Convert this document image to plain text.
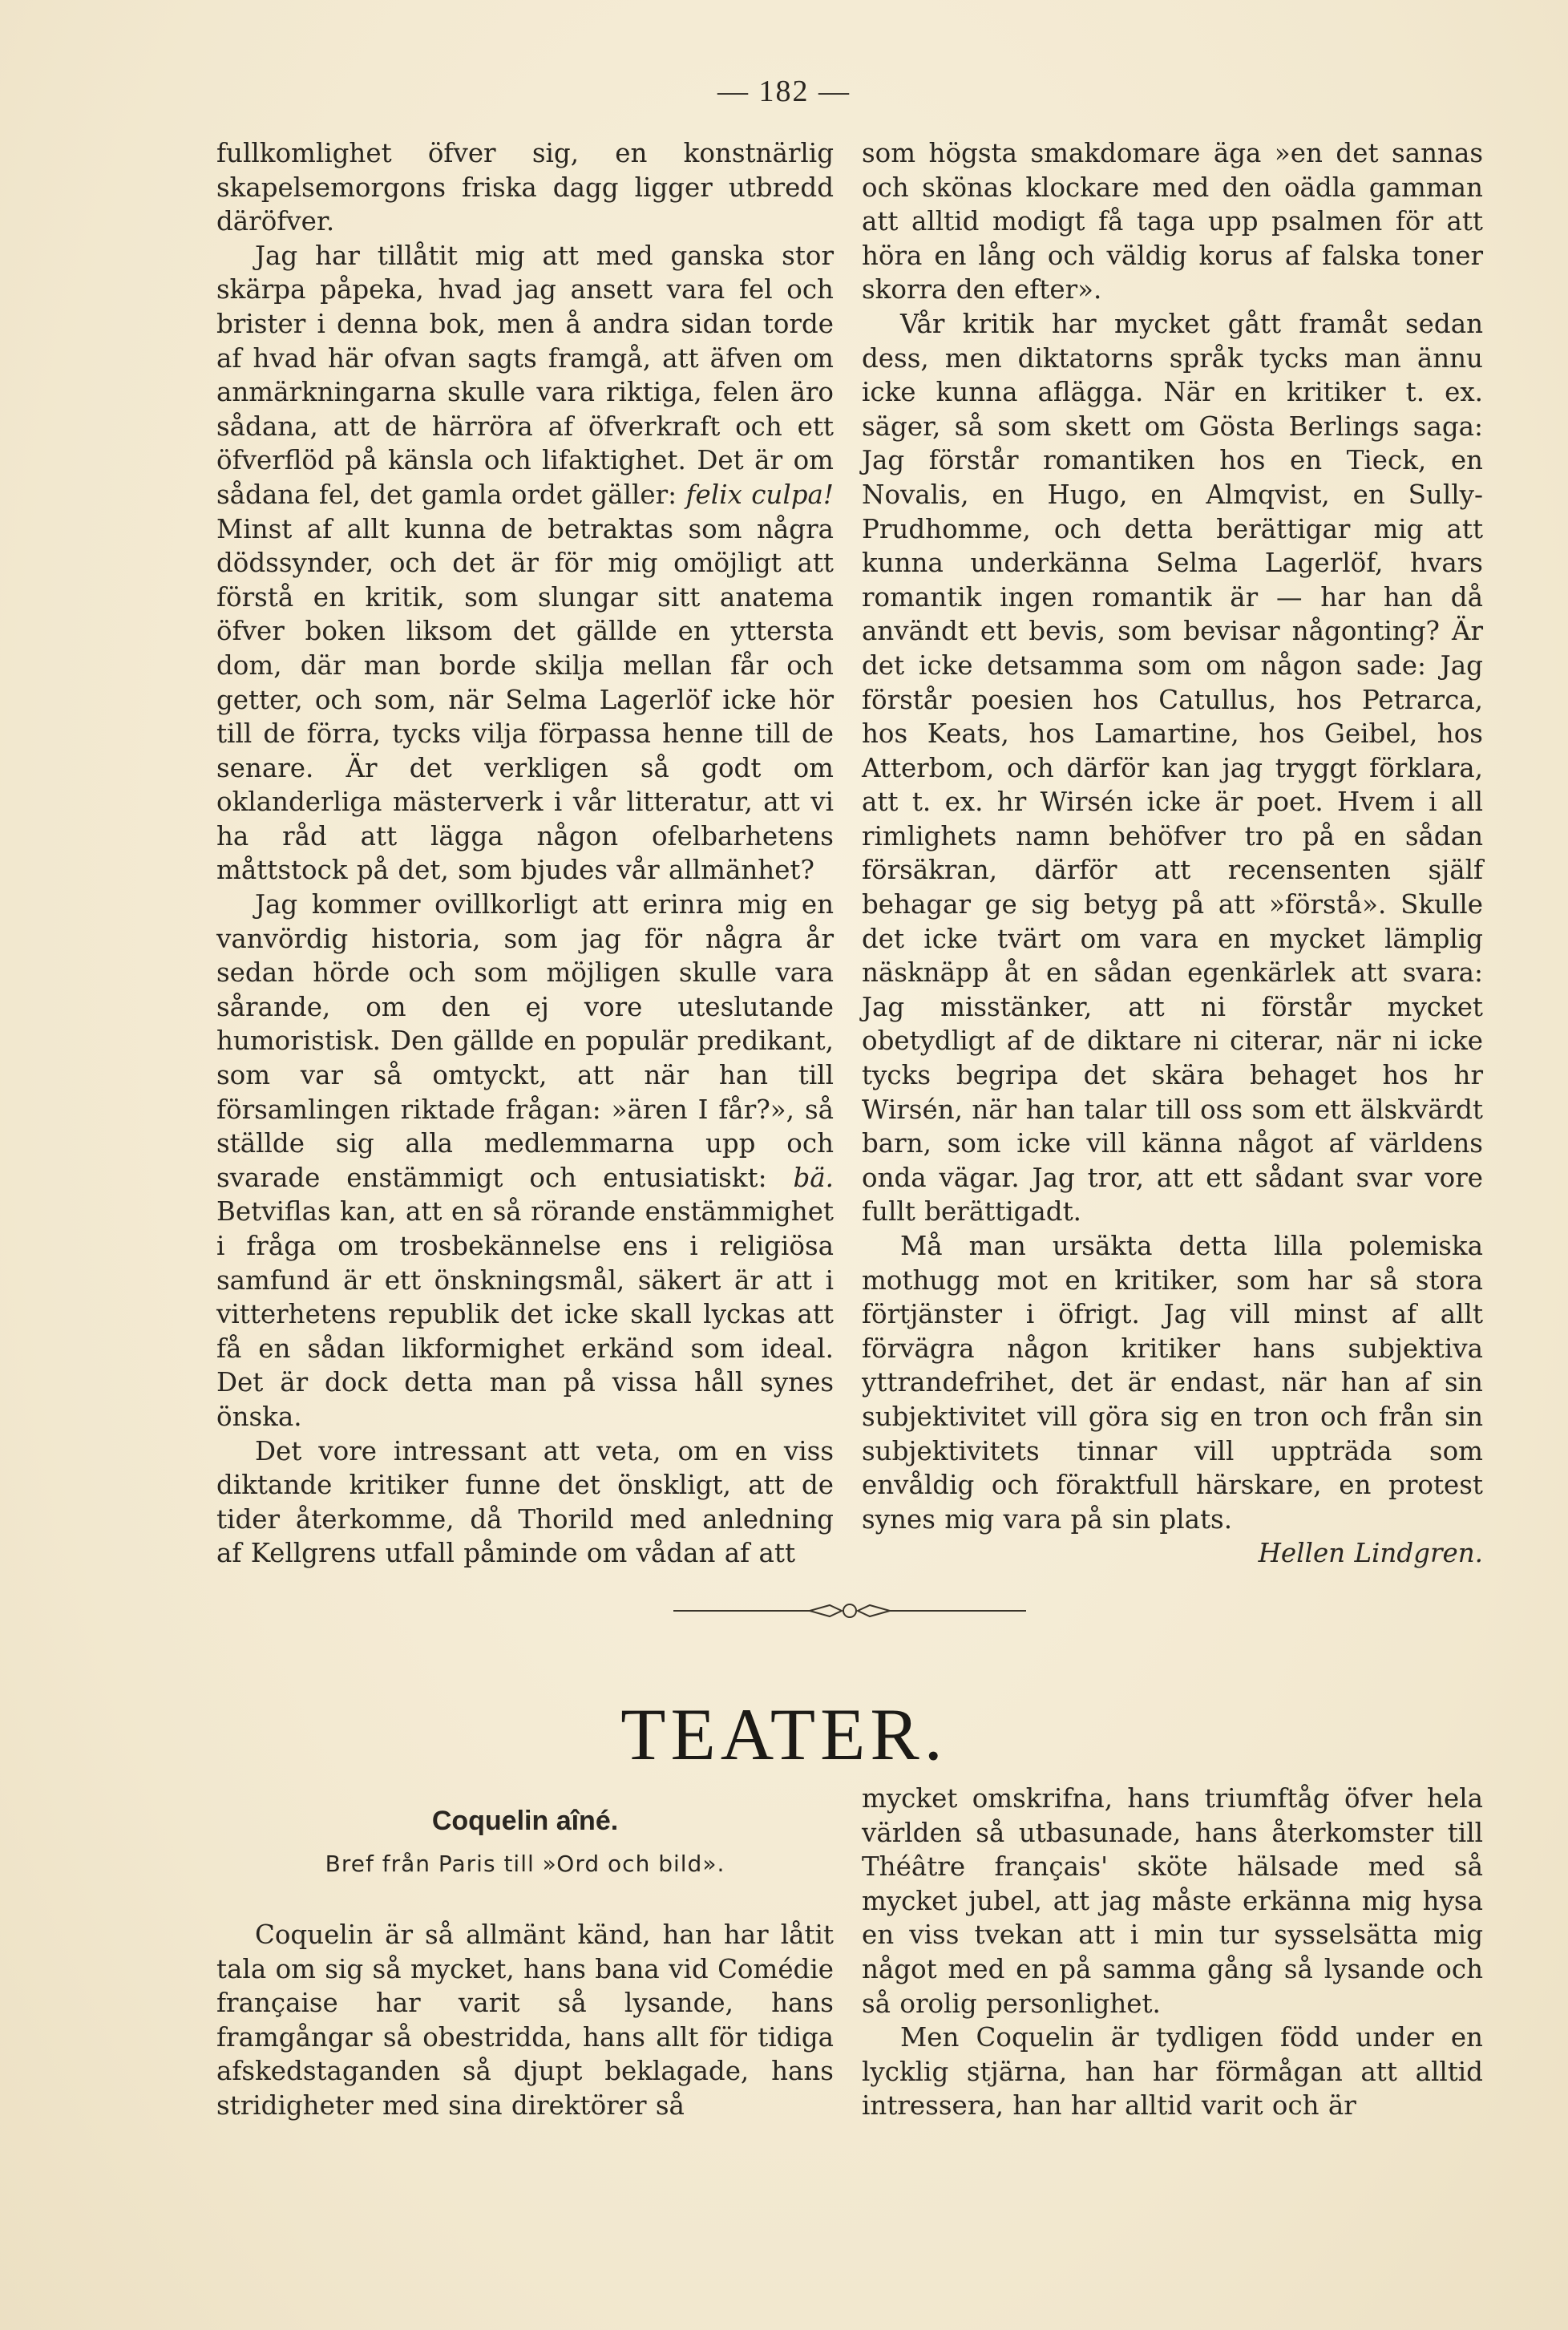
— 182 —

fullkomlighet öfver sig, en konstnärlig skapelsemorgons friska dagg ligger utbredd däröfver.

Jag har tillåtit mig att med ganska stor skärpa påpeka, hvad jag ansett vara fel och brister i denna bok, men å andra sidan torde af hvad här ofvan sagts framgå, att äfven om anmärkningarna skulle vara riktiga, felen äro sådana, att de härröra af öfverkraft och ett öfverflöd på känsla och lifaktighet. Det är om sådana fel, det gamla ordet gäller: felix culpa! Minst af allt kunna de betraktas som några dödssynder, och det är för mig omöjligt att förstå en kritik, som slungar sitt anatema öfver boken liksom det gällde en yttersta dom, där man borde skilja mellan får och getter, och som, när Selma Lagerlöf icke hör till de förra, tycks vilja förpassa henne till de senare. Är det verkligen så godt om oklanderliga mästerverk i vår litteratur, att vi ha råd att lägga någon ofelbarhetens måttstock på det, som bjudes vår allmänhet?

Jag kommer ovillkorligt att erinra mig en vanvördig historia, som jag för några år sedan hörde och som möjligen skulle vara sårande, om den ej vore uteslutande humoristisk. Den gällde en populär predikant, som var så omtyckt, att när han till församlingen riktade frågan: »ären I får?», så ställde sig alla medlemmarna upp och svarade enstämmigt och entusiatiskt: bä. Betviflas kan, att en så rörande enstämmighet i fråga om trosbekännelse ens i religiösa samfund är ett önskningsmål, säkert är att i vitterhetens republik det icke skall lyckas att få en sådan likformighet erkänd som ideal. Det är dock detta man på vissa håll synes önska.

Det vore intressant att veta, om en viss diktande kritiker funne det önskligt, att de tider återkomme, då Thorild med anledning af Kellgrens utfall påminde om vådan af att

som högsta smakdomare äga »en det sannas och skönas klockare med den oädla gamman att alltid modigt få taga upp psalmen för att höra en lång och väldig korus af falska toner skorra den efter».

Vår kritik har mycket gått framåt sedan dess, men diktatorns språk tycks man ännu icke kunna aflägga. När en kritiker t. ex. säger, så som skett om Gösta Berlings saga: Jag förstår romantiken hos en Tieck, en Novalis, en Hugo, en Almqvist, en Sully-Prudhomme, och detta berättigar mig att kunna underkänna Selma Lagerlöf, hvars romantik ingen romantik är — har han då användt ett bevis, som bevisar någonting? Är det icke detsamma som om någon sade: Jag förstår poesien hos Catullus, hos Petrarca, hos Keats, hos Lamartine, hos Geibel, hos Atterbom, och därför kan jag tryggt förklara, att t. ex. hr Wirsén icke är poet. Hvem i all rimlighets namn behöfver tro på en sådan försäkran, därför att recensenten själf behagar ge sig betyg på att »förstå». Skulle det icke tvärt om vara en mycket lämplig näsknäpp åt en sådan egenkärlek att svara: Jag misstänker, att ni förstår mycket obetydligt af de diktare ni citerar, när ni icke tycks begripa det skära behaget hos hr Wirsén, när han talar till oss som ett älskvärdt barn, som icke vill känna något af världens onda vägar. Jag tror, att ett sådant svar vore fullt berättigadt.

Må man ursäkta detta lilla polemiska mothugg mot en kritiker, som har så stora förtjänster i öfrigt. Jag vill minst af allt förvägra någon kritiker hans subjektiva yttrandefrihet, det är endast, när han af sin subjektivitet vill göra sig en tron och från sin subjektivitets tinnar vill uppträda som envåldig och föraktfull härskare, en protest synes mig vara på sin plats.

Hellen Lindgren.

TEATER.
Coquelin aîné.
Bref från Paris till »Ord och bild».

Coquelin är så allmänt känd, han har låtit tala om sig så mycket, hans bana vid Comédie française har varit så lysande, hans framgångar så obestridda, hans allt för tidiga afskedstaganden så djupt beklagade, hans stridigheter med sina direktörer så

mycket omskrifna, hans triumftåg öfver hela världen så utbasunade, hans återkomster till Théâtre français' sköte hälsade med så mycket jubel, att jag måste erkänna mig hysa en viss tvekan att i min tur sysselsätta mig något med en på samma gång så lysande och så orolig personlighet.

Men Coquelin är tydligen född under en lycklig stjärna, han har förmågan att alltid intressera, han har alltid varit och är
